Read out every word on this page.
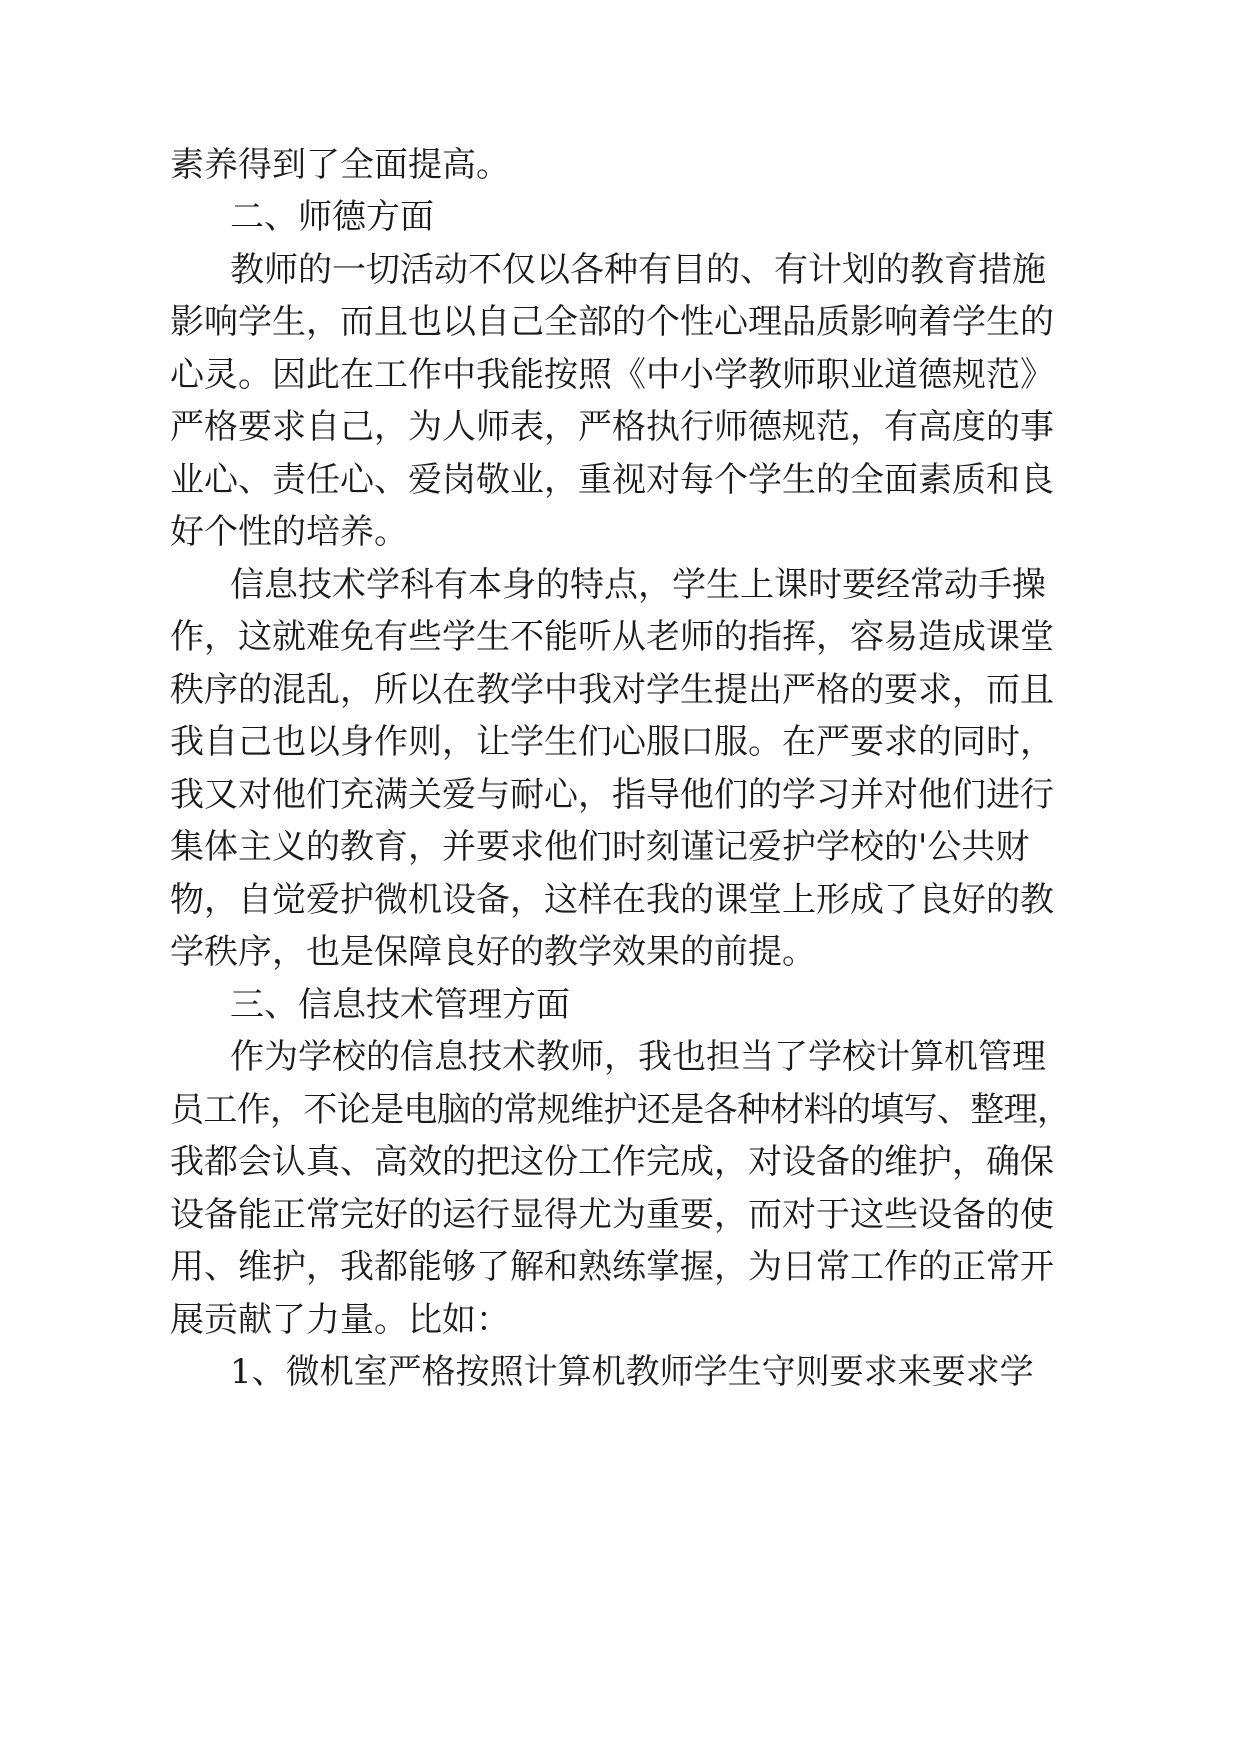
素养得到了全面提高。
二、师德方面
教师的一切活动不仅以各种有目的、有计划的教育措施
影响学生，而且也以自己全部的个性心理品质影响着学生的
心灵。因此在工作中我能按照《中小学教师职业道德规范》
严格要求自己，为人师表，严格执行师德规范，有高度的事
业心、责任心、爱岗敬业，重视对每个学生的全面素质和良
好个性的培养。
信息技术学科有本身的特点，学生上课时要经常动手操
作，这就难免有些学生不能听从老师的指挥，容易造成课堂
秩序的混乱，所以在教学中我对学生提出严格的要求，而且
我自己也以身作则，让学生们心服口服。在严要求的同时，
我又对他们充满关爱与耐心，指导他们的学习并对他们进行
集体主义的教育，并要求他们时刻谨记爱护学校的'公共财
物，自觉爱护微机设备，这样在我的课堂上形成了良好的教
学秩序，也是保障良好的教学效果的前提。
三、信息技术管理方面
作为学校的信息技术教师，我也担当了学校计算机管理
员工作，不论是电脑的常规维护还是各种材料的填写、整理，
我都会认真、高效的把这份工作完成，对设备的维护，确保
设备能正常完好的运行显得尤为重要，而对于这些设备的使
用、维护，我都能够了解和熟练掌握，为日常工作的正常开
展贡献了力量。比如：
1、微机室严格按照计算机教师学生守则要求来要求学
